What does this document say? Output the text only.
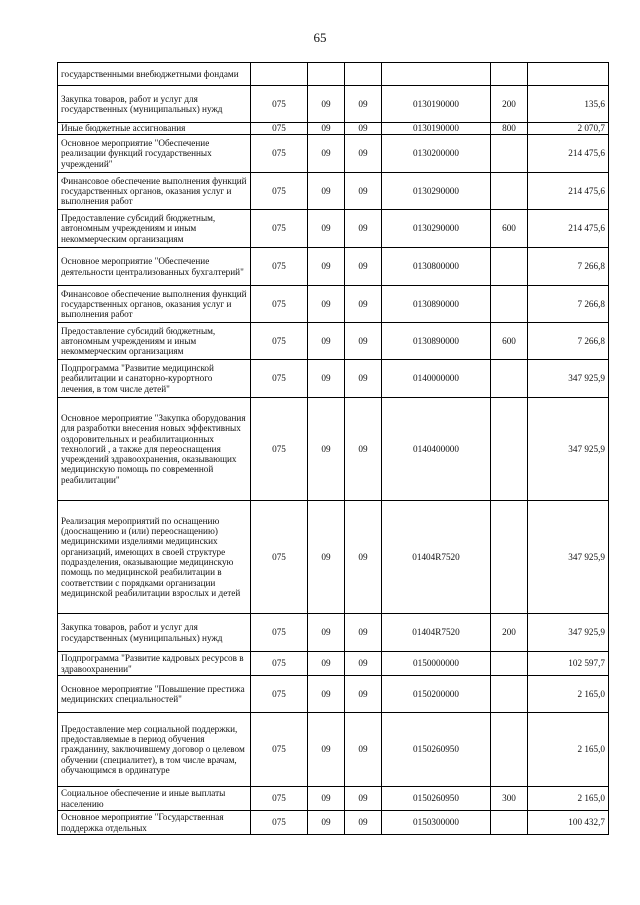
65
государственными внебюджетными фондами						
Закупка товаров, работ и услуг для государственных (муниципальных) нужд	075	09	09	0130190000	200	135,6
Иные бюджетные ассигнования	075	09	09	0130190000	800	2 070,7
Основное мероприятие "Обеспечение реализации функций государственных учреждений"	075	09	09	0130200000		214 475,6
Финансовое обеспечение выполнения функций государственных органов, оказания услуг и выполнения работ	075	09	09	0130290000		214 475,6
Предоставление субсидий бюджетным, автономным учреждениям и иным некоммерческим организациям	075	09	09	0130290000	600	214 475,6
Основное мероприятие "Обеспечение деятельности централизованных бухгалтерий"	075	09	09	0130800000		7 266,8
Финансовое обеспечение выполнения функций государственных органов, оказания услуг и выполнения работ	075	09	09	0130890000		7 266,8
Предоставление субсидий бюджетным, автономным учреждениям и иным некоммерческим организациям	075	09	09	0130890000	600	7 266,8
Подпрограмма "Развитие медицинской реабилитации и санаторно-курортного лечения, в том числе детей"	075	09	09	0140000000		347 925,9
Основное мероприятие "Закупка оборудования для разработки внесения новых эффективных оздоровительных и реабилитационных технологий , а также для переоснащения учреждений здравоохранения, оказывающих медицинскую помощь по современной реабилитации"	075	09	09	0140400000		347 925,9
Реализация мероприятий по оснащению (дооснащению и (или) переоснащению) медицинскими изделиями медицинских организаций, имеющих в своей структуре подразделения, оказывающие медицинскую помощь по медицинской реабилитации в соответствии с порядками организации медицинской реабилитации взрослых и детей	075	09	09	01404R7520		347 925,9
Закупка товаров, работ и услуг для государственных (муниципальных) нужд	075	09	09	01404R7520	200	347 925,9
Подпрограмма "Развитие кадровых ресурсов в здравоохранении"	075	09	09	0150000000		102 597,7
Основное мероприятие "Повышение престижа медицинских специальностей"	075	09	09	0150200000		2 165,0
Предоставление мер социальной поддержки, предоставляемые в период обучения гражданину, заключившему договор о целевом обучении (специалитет), в том числе врачам, обучающимся в ординатуре	075	09	09	0150260950		2 165,0
Социальное обеспечение и иные выплаты населению	075	09	09	0150260950	300	2 165,0
Основное мероприятие "Государственная поддержка отдельных	075	09	09	0150300000		100 432,7
